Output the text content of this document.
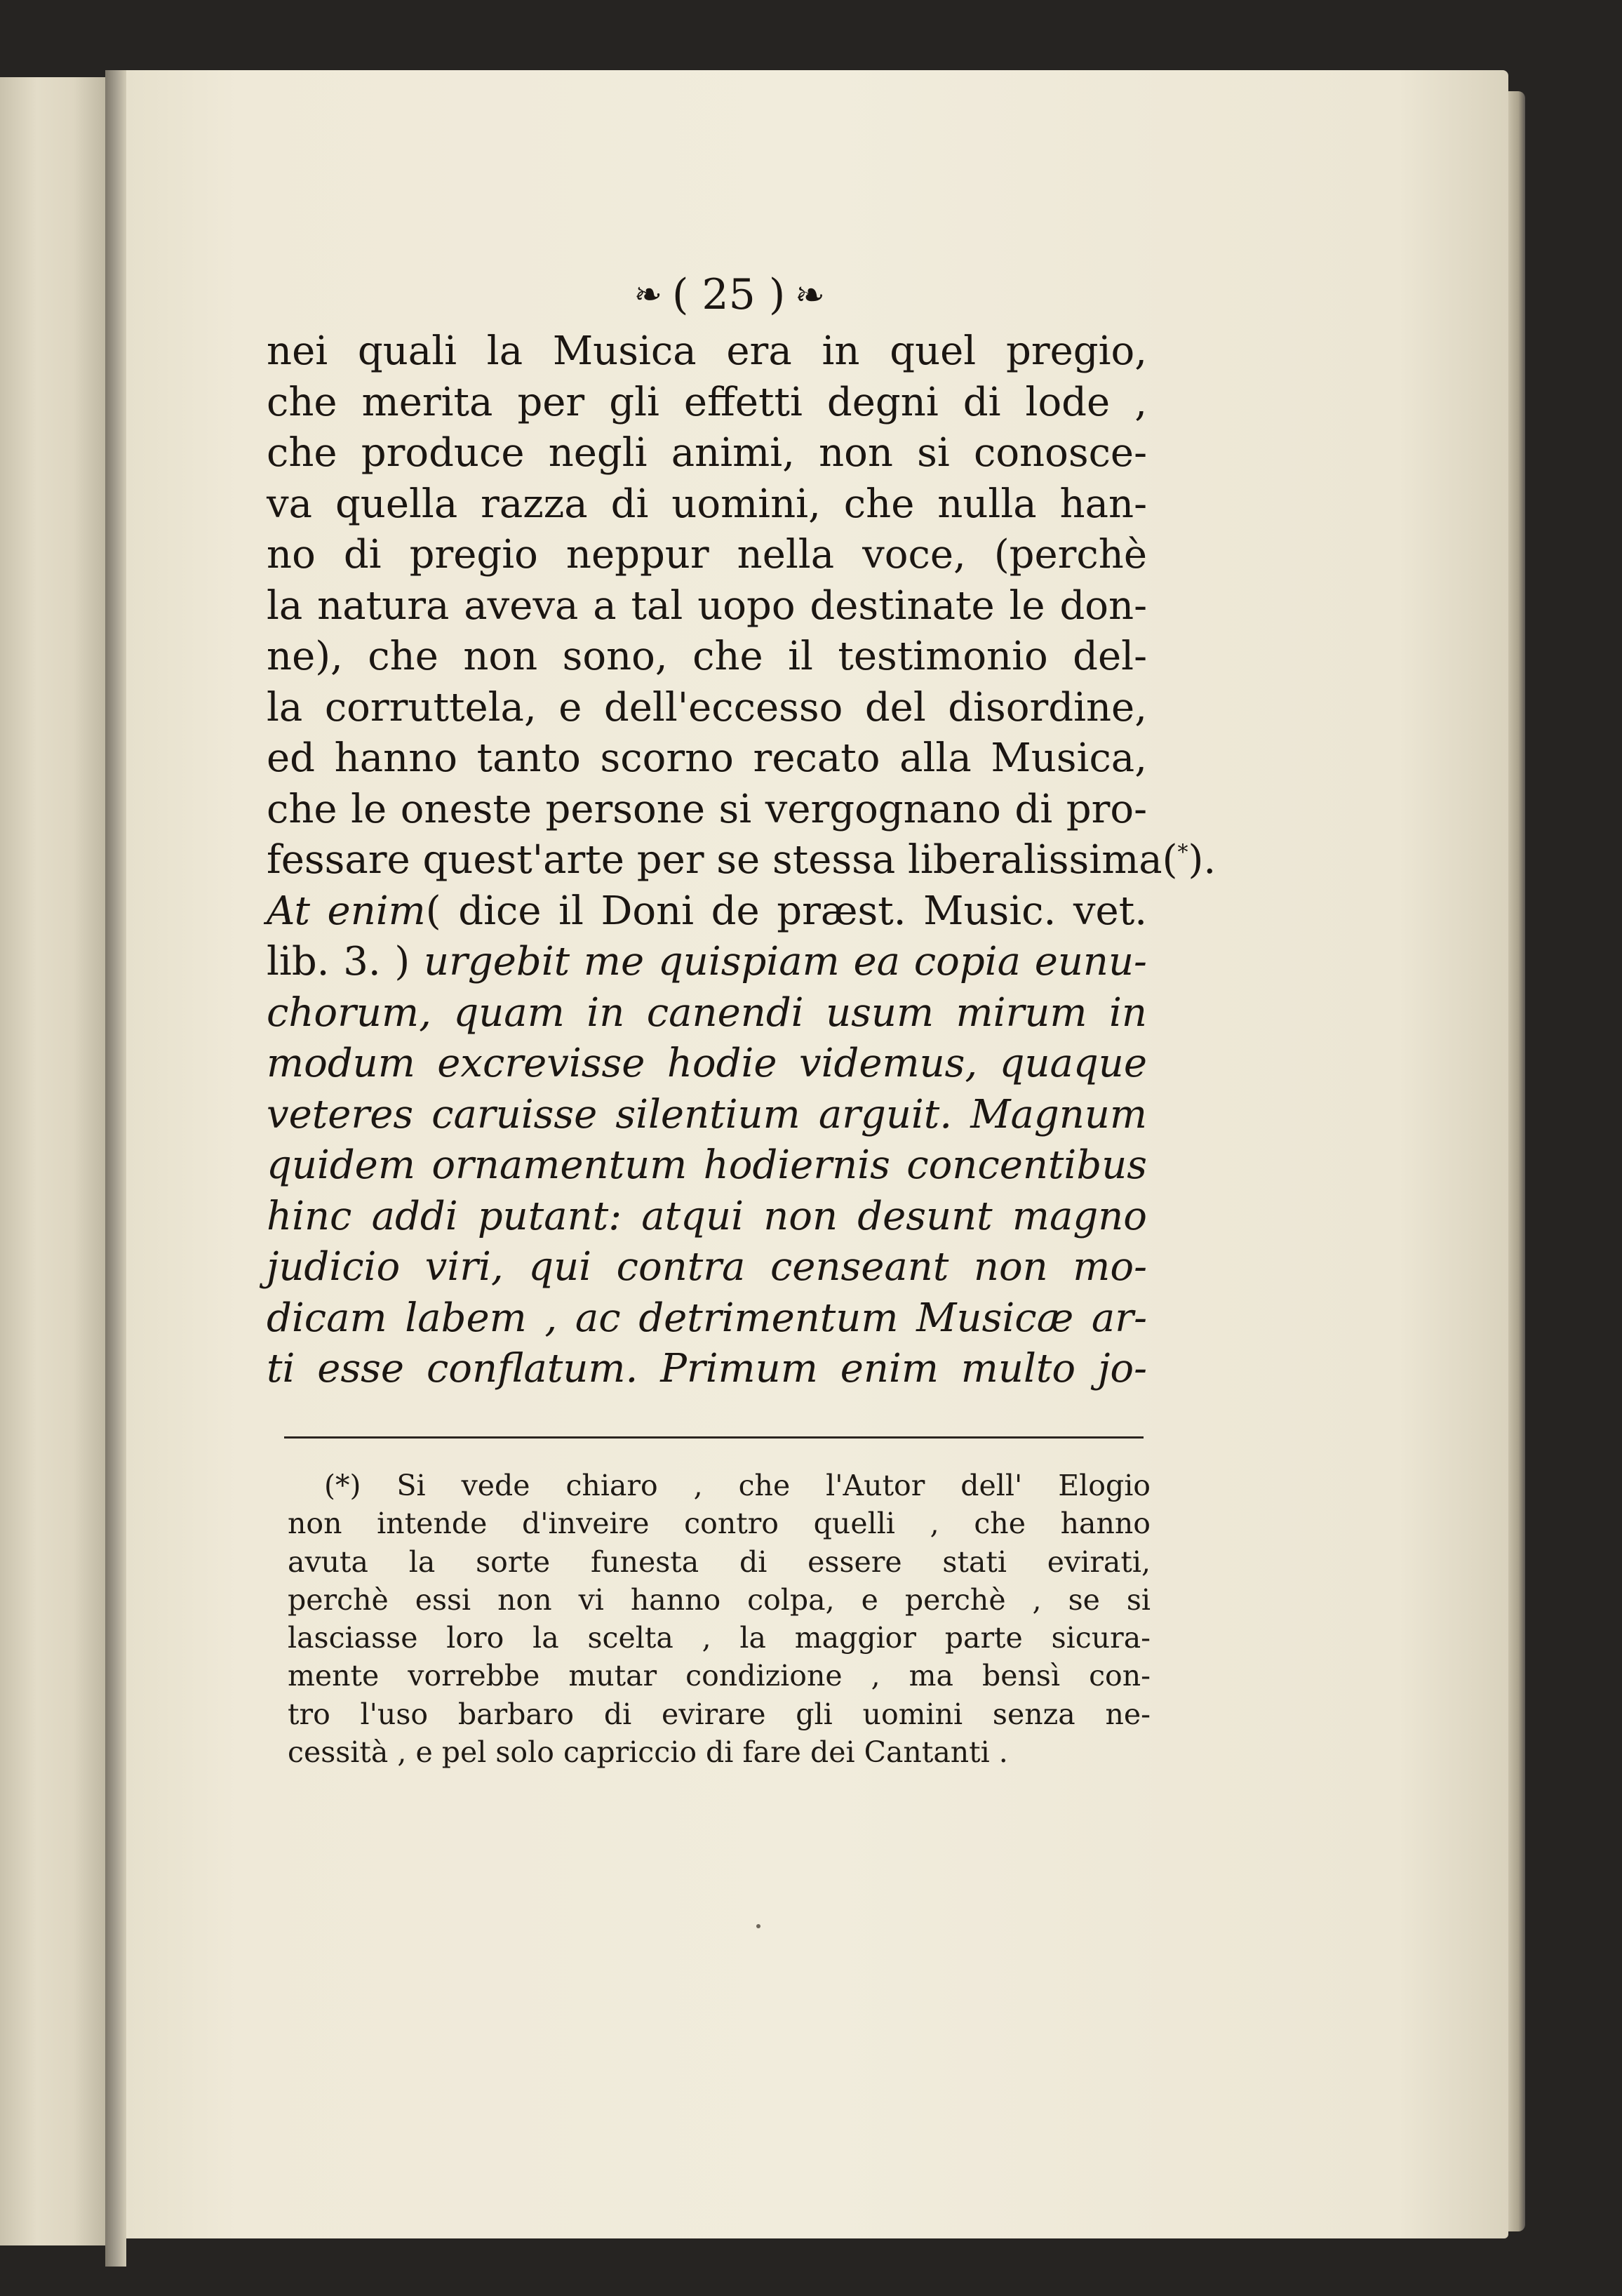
❧ ( 25 ) ☙
nei quali la Musica era in quel pregio,
che merita per gli effetti degni di lode ,
che produce negli animi, non si conosce-
va quella razza di uomini, che nulla han-
no di pregio neppur nella voce, (perchè
la natura aveva a tal uopo destinate le don-
ne), che non sono, che il testimonio del-
la corruttela, e dell'eccesso del disordine,
ed hanno tanto scorno recato alla Musica,
che le oneste persone si vergognano di pro-
fessare quest'arte per se stessa liberalissima(*).
At enim( dice il Doni de præst. Music. vet.
lib. 3. ) urgebit me quispiam ea copia eunu-
chorum, quam in canendi usum mirum in
modum excrevisse hodie videmus, quaque
veteres caruisse silentium arguit. Magnum
quidem ornamentum hodiernis concentibus
hinc addi putant: atqui non desunt magno
judicio viri, qui contra censeant non mo-
dicam labem , ac detrimentum Musicæ ar-
ti esse conflatum. Primum enim multo jo-
(*) Si vede chiaro , che l'Autor dell' Elogio
non intende d'inveire contro quelli , che hanno
avuta la sorte funesta di essere stati evirati,
perchè essi non vi hanno colpa, e perchè , se si
lasciasse loro la scelta , la maggior parte sicura-
mente vorrebbe mutar condizione , ma bensì con-
tro l'uso barbaro di evirare gli uomini senza ne-
cessità , e pel solo capriccio di fare dei Cantanti .
